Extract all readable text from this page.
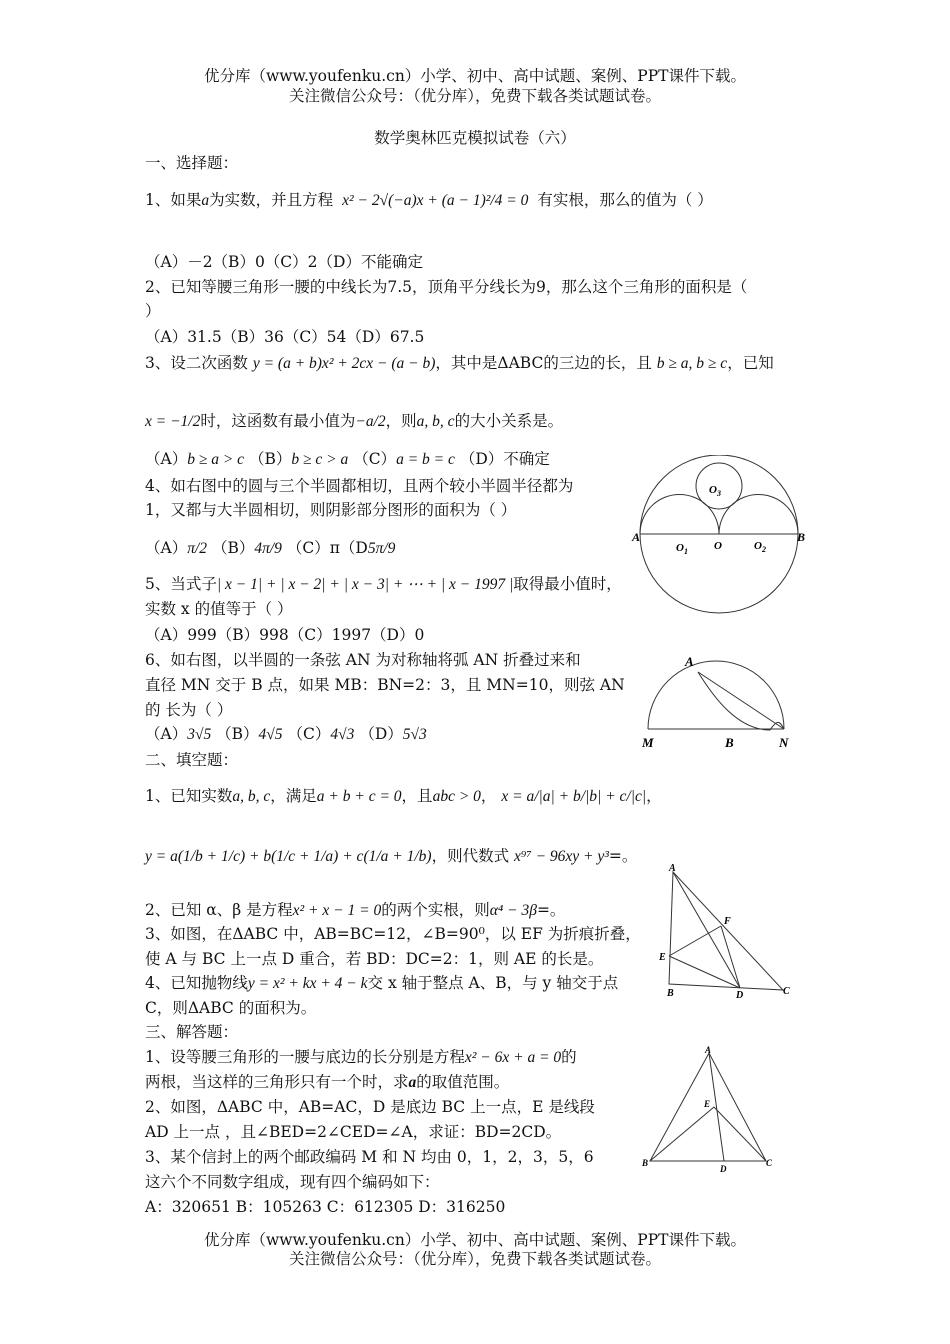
优分库（www.youfenku.cn）小学、初中、高中试题、案例、PPT课件下载。
关注微信公众号：（优分库），免费下载各类试题试卷。
数学奥林匹克模拟试卷（六）
一、选择题：
1、如果a为实数，并且方程 x² − 2√(−a)x + (a − 1)²/4 = 0 有实根，那么的值为（ ）
（A）－2（B）0（C）2（D）不能确定
2、已知等腰三角形一腰的中线长为7.5，顶角平分线长为9，那么这个三角形的面积是（
）
（A）31.5（B）36（C）54（D）67.5
3、设二次函数 y = (a + b)x² + 2cx − (a − b)，其中是ΔABC的三边的长，且 b ≥ a, b ≥ c，已知
x = −1/2时，这函数有最小值为−a/2，则a, b, c的大小关系是。
（A）b ≥ a > c （B）b ≥ c > a （C）a = b = c （D）不确定
4、如右图中的圆与三个半圆都相切，且两个较小半圆半径都为
1，又都与大半圆相切，则阴影部分图形的面积为（ ）
（A）π/2 （B）4π/9 （C）π（D5π/9
5、当式子| x − 1| + | x − 2| + | x − 3| + ⋯ + | x − 1997 |取得最小值时，
实数 x 的值等于（ ）
（A）999（B）998（C）1997（D）0
6、如右图，以半圆的一条弦 AN 为对称轴将弧 AN 折叠过来和
直径 MN 交于 B 点，如果 MB：BN=2：3，且 MN=10，则弦 AN
的 长为（ ）
（A）3√5 （B）4√5 （C）4√3 （D）5√3
二、填空题：
1、已知实数a, b, c，满足a + b + c = 0，且abc > 0， x = a/|a| + b/|b| + c/|c|，
y = a(1/b + 1/c) + b(1/c + 1/a) + c(1/a + 1/b)，则代数式 x⁹⁷ − 96xy + y³=。
2、已知 α、β 是方程x² + x − 1 = 0的两个实根，则α⁴ − 3β=。
3、如图，在ΔABC 中，AB=BC=12，∠B=90⁰，以 EF 为折痕折叠，
使 A 与 BC 上一点 D 重合，若 BD：DC=2：1，则 AE 的长是。
4、已知抛物线y = x² + kx + 4 − k交 x 轴于整点 A、B，与 y 轴交于点
C，则ΔABC 的面积为。
三、解答题：
1、设等腰三角形的一腰与底边的长分别是方程x² − 6x + a = 0的
两根，当这样的三角形只有一个时，求a的取值范围。
2、如图，ΔABC 中，AB=AC，D 是底边 BC 上一点，E 是线段
AD 上一点 ，且∠BED=2∠CED=∠A，求证：BD=2CD。
3、某个信封上的两个邮政编码 M 和 N 均由 0，1，2，3，5，6
这六个不同数字组成，现有四个编码如下：
A：320651 B：105263 C：612305 D：316250
优分库（www.youfenku.cn）小学、初中、高中试题、案例、PPT课件下载。
关注微信公众号：（优分库），免费下载各类试题试卷。
A	B
O
$O_1$	$O_2$
$O_3$
A
M	B	N
A
F
E
B	D	C
A
E
B
D
C
